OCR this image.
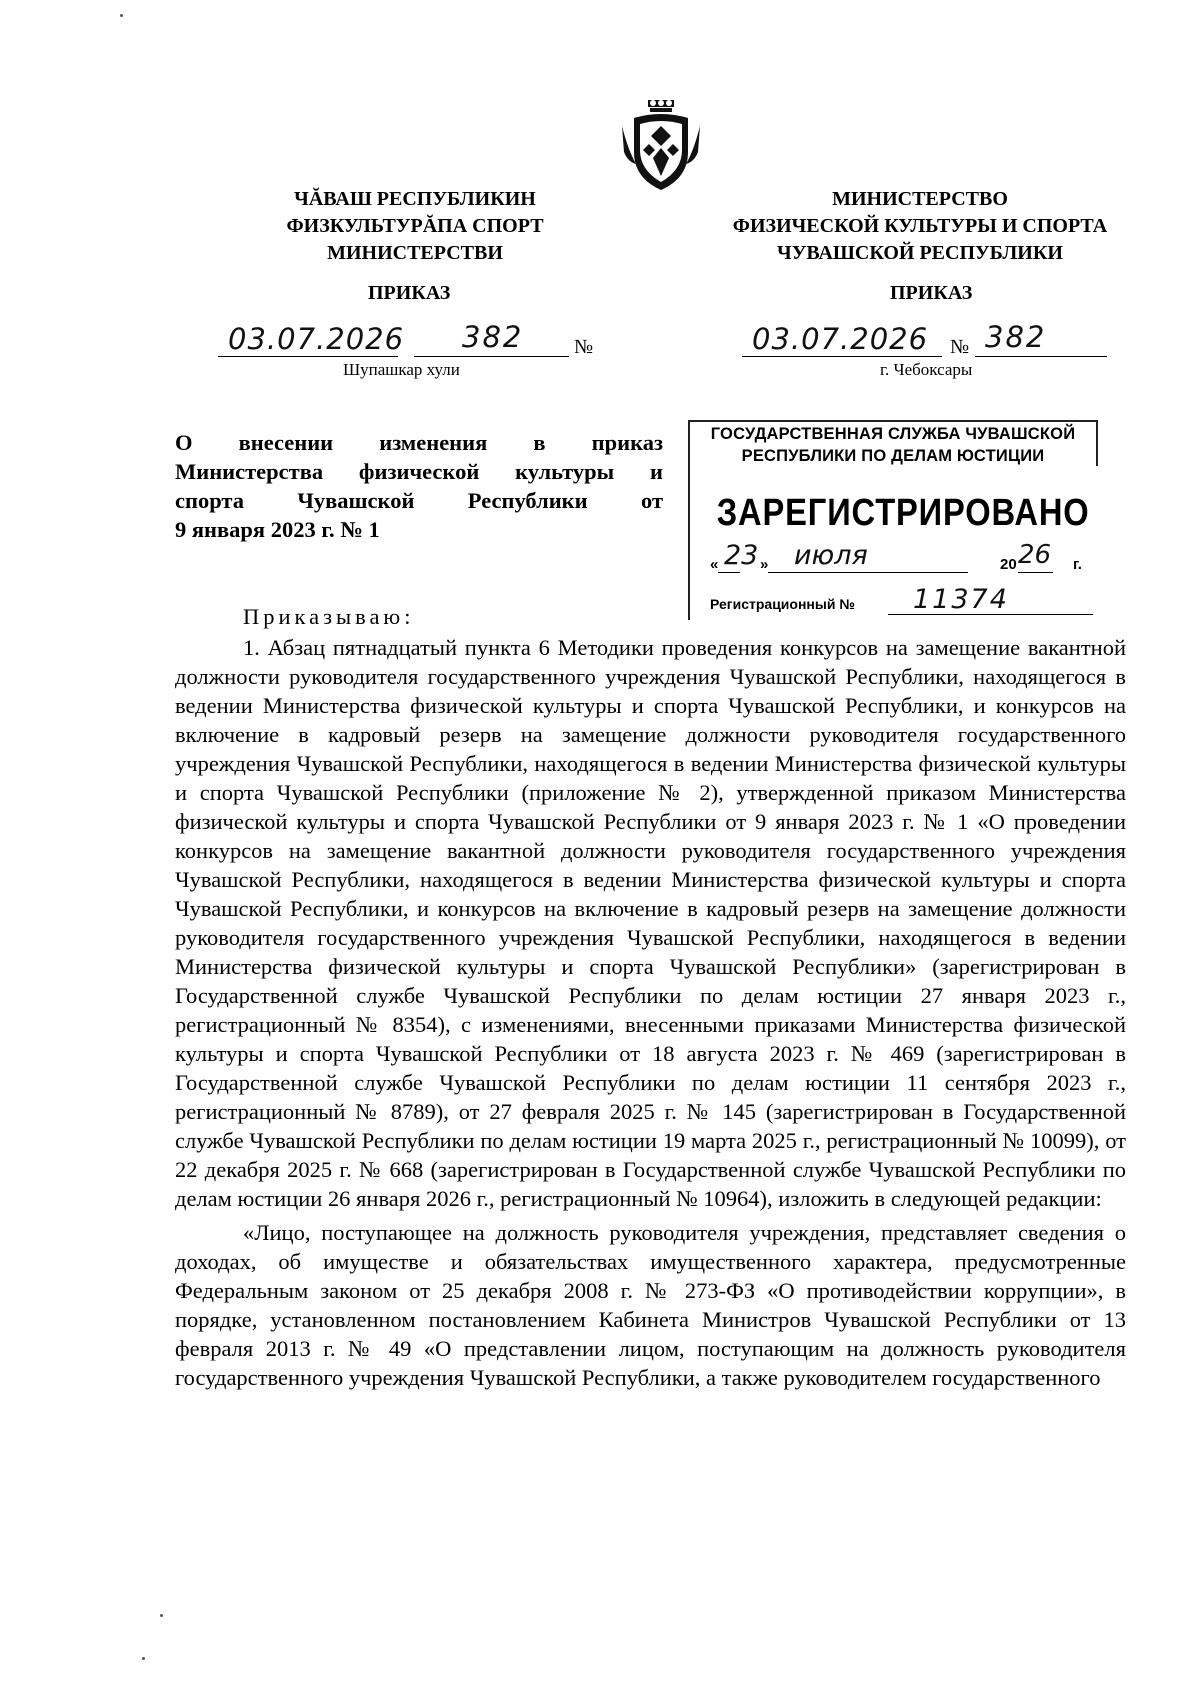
ЧĂВАШ РЕСПУБЛИКИН
ФИЗКУЛЬТУРĂПА СПОРТ
МИНИСТЕРСТВИ
МИНИСТЕРСТВО
ФИЗИЧЕСКОЙ КУЛЬТУРЫ И СПОРТА
ЧУВАШСКОЙ РЕСПУБЛИКИ
ПРИКАЗ	ПРИКАЗ
03.07.2026 382	№
Шупашкар хули
03.07.2026 № 382
г. Чебоксары
О внесении изменения в приказ
Министерства физической культуры и
спорта Чувашской Республики от
9 января 2023 г. № 1
ГОСУДАРСТВЕННАЯ СЛУЖБА ЧУВАШСКОЙ
РЕСПУБЛИКИ ПО ДЕЛАМ ЮСТИЦИИ
ЗАРЕГИСТРИРОВАНО
«	»	20	г.
23 июля	26
Регистрационный № 11374
Приказываю:

1. Абзац пятнадцатый пункта 6 Методики проведения конкурсов на замещение вакантной должности руководителя государственного учреждения Чувашской Республики, находящегося в ведении Министерства физической культуры и спорта Чувашской Республики, и конкурсов на включение в кадровый резерв на замещение должности руководителя государственного учреждения Чувашской Республики, находящегося в ведении Министерства физической культуры и спорта Чувашской Республики (приложение № 2), утвержденной приказом Министерства физической культуры и спорта Чувашской Республики от 9 января 2023 г. № 1 «О проведении конкурсов на замещение вакантной должности руководителя государственного учреждения Чувашской Республики, находящегося в ведении Министерства физической культуры и спорта Чувашской Республики, и конкурсов на включение в кадровый резерв на замещение должности руководителя государственного учреждения Чувашской Республики, находящегося в ведении Министерства физической культуры и спорта Чувашской Республики» (зарегистрирован в Государственной службе Чувашской Республики по делам юстиции 27 января 2023 г., регистрационный № 8354), с изменениями, внесенными приказами Министерства физической культуры и спорта Чувашской Республики от 18 августа 2023 г. № 469 (зарегистрирован в Государственной службе Чувашской Республики по делам юстиции 11 сентября 2023 г., регистрационный № 8789), от 27 февраля 2025 г. № 145 (зарегистрирован в Государственной службе Чувашской Республики по делам юстиции 19 марта 2025 г., регистрационный № 10099), от 22 декабря 2025 г. № 668 (зарегистрирован в Государственной службе Чувашской Республики по делам юстиции 26 января 2026 г., регистрационный № 10964), изложить в следующей редакции:

«Лицо, поступающее на должность руководителя учреждения, представляет сведения о доходах, об имуществе и обязательствах имущественного характера, предусмотренные Федеральным законом от 25 декабря 2008 г. № 273-ФЗ «О противодействии коррупции», в порядке, установленном постановлением Кабинета Министров Чувашской Республики от 13 февраля 2013 г. № 49 «О представлении лицом, поступающим на должность руководителя государственного учреждения Чувашской Республики, а также руководителем государственного
